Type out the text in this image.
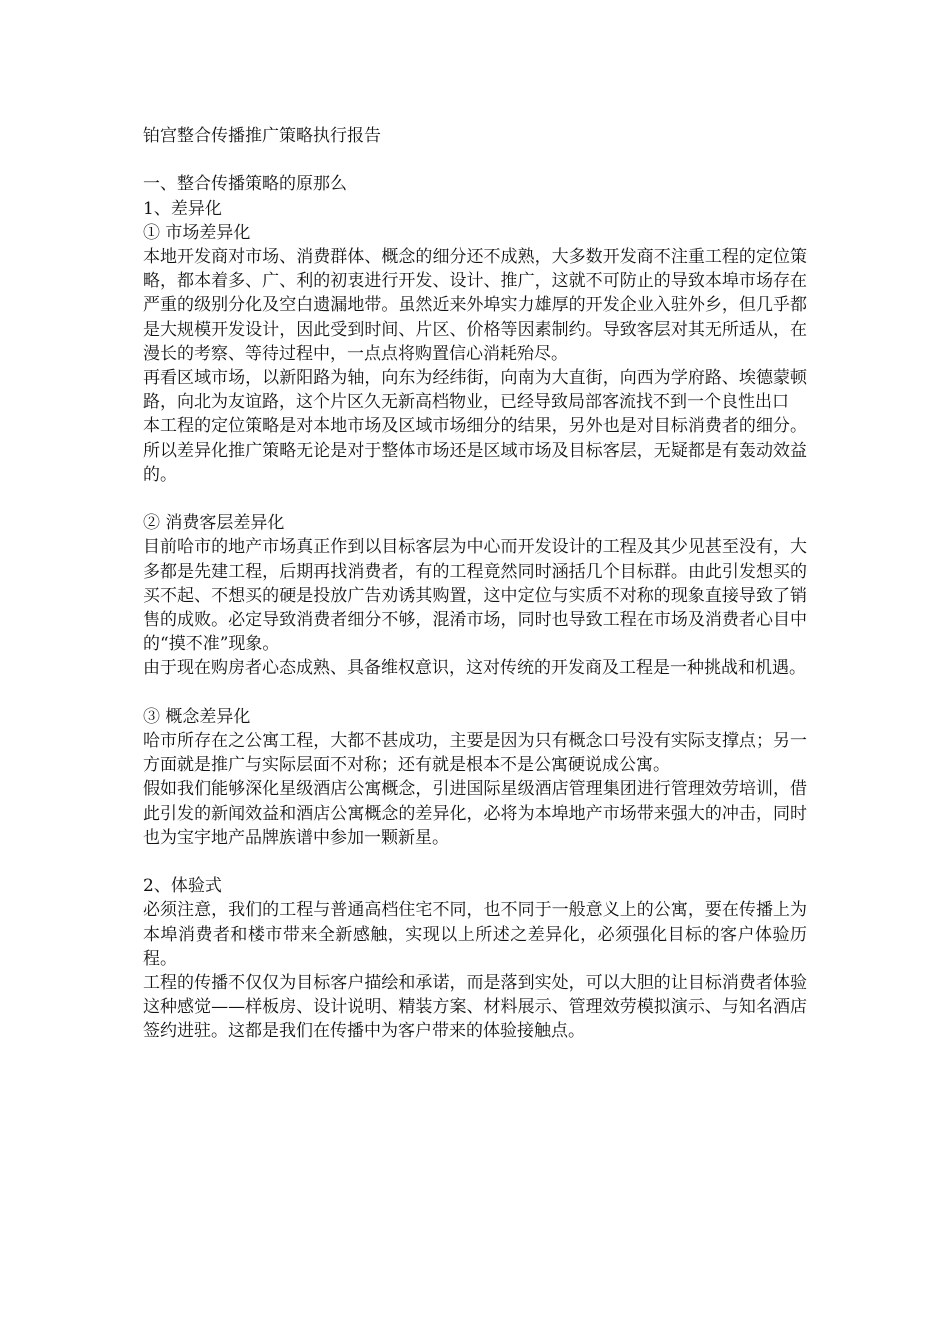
铂宫整合传播推广策略执行报告

一、整合传播策略的原那么

1、差异化

① 市场差异化

本地开发商对市场、消费群体、概念的细分还不成熟，大多数开发商不注重工程的定位策略，都本着多、广、利的初衷进行开发、设计、推广，这就不可防止的导致本埠市场存在严重的级别分化及空白遗漏地带。虽然近来外埠实力雄厚的开发企业入驻外乡，但几乎都是大规模开发设计，因此受到时间、片区、价格等因素制约。导致客层对其无所适从，在漫长的考察、等待过程中，一点点将购置信心消耗殆尽。

再看区域市场，以新阳路为轴，向东为经纬街，向南为大直街，向西为学府路、埃德蒙顿路，向北为友谊路，这个片区久无新高档物业，已经导致局部客流找不到一个良性出口

本工程的定位策略是对本地市场及区域市场细分的结果，另外也是对目标消费者的细分。所以差异化推广策略无论是对于整体市场还是区域市场及目标客层，无疑都是有轰动效益的。

② 消费客层差异化

目前哈市的地产市场真正作到以目标客层为中心而开发设计的工程及其少见甚至没有，大多都是先建工程，后期再找消费者，有的工程竟然同时涵括几个目标群。由此引发想买的买不起、不想买的硬是投放广告劝诱其购置，这中定位与实质不对称的现象直接导致了销售的成败。必定导致消费者细分不够，混淆市场，同时也导致工程在市场及消费者心目中的“摸不准”现象。

由于现在购房者心态成熟、具备维权意识，这对传统的开发商及工程是一种挑战和机遇。

③ 概念差异化

哈市所存在之公寓工程，大都不甚成功，主要是因为只有概念口号没有实际支撑点；另一方面就是推广与实际层面不对称；还有就是根本不是公寓硬说成公寓。

假如我们能够深化星级酒店公寓概念，引进国际星级酒店管理集团进行管理效劳培训，借此引发的新闻效益和酒店公寓概念的差异化，必将为本埠地产市场带来强大的冲击，同时也为宝宇地产品牌族谱中参加一颗新星。

2、体验式

必须注意，我们的工程与普通高档住宅不同，也不同于一般意义上的公寓，要在传播上为本埠消费者和楼市带来全新感触，实现以上所述之差异化，必须强化目标的客户体验历程。

工程的传播不仅仅为目标客户描绘和承诺，而是落到实处，可以大胆的让目标消费者体验这种感觉——样板房、设计说明、精装方案、材料展示、管理效劳模拟演示、与知名酒店签约进驻。这都是我们在传播中为客户带来的体验接触点。
